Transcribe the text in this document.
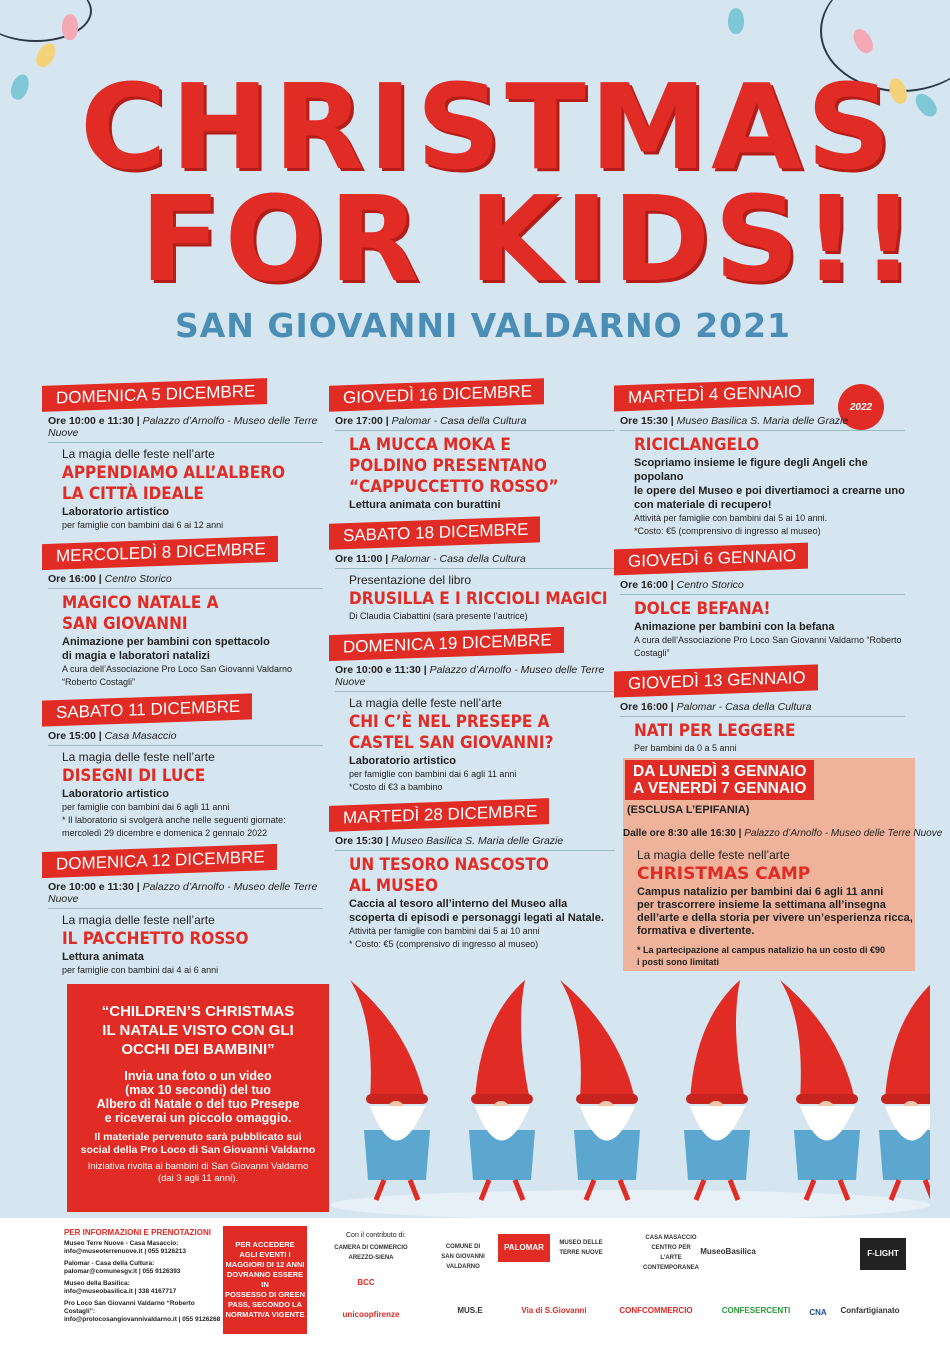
CHRISTMAS
FOR KIDS!!
SAN GIOVANNI VALDARNO 2021
2022
DOMENICA 5 DICEMBRE
Ore 10:00 e 11:30 | Palazzo d’Arnolfo - Museo delle Terre Nuove
La magia delle feste nell’arte
APPENDIAMO ALL’ALBERO
LA CITTÀ IDEALE
Laboratorio artistico
per famiglie con bambini dai 6 ai 12 anni
MERCOLEDÌ 8 DICEMBRE
Ore 16:00 | Centro Storico
MAGICO NATALE A
SAN GIOVANNI
Animazione per bambini con spettacolo
di magia e laboratori natalizi
A cura dell’Associazione Pro Loco San Giovanni Valdarno “Roberto Costagli”
SABATO 11 DICEMBRE
Ore 15:00 | Casa Masaccio
La magia delle feste nell’arte
DISEGNI DI LUCE
Laboratorio artistico
per famiglie con bambini dai 6 agli 11 anni
* Il laboratorio si svolgerà anche nelle seguenti giornate:
mercoledì 29 dicembre e domenica 2 gennaio 2022
DOMENICA 12 DICEMBRE
Ore 10:00 e 11:30 | Palazzo d’Arnolfo - Museo delle Terre Nuove
La magia delle feste nell’arte
IL PACCHETTO ROSSO
Lettura animata
per famiglie con bambini dai 4 ai 6 anni
GIOVEDÌ 16 DICEMBRE
Ore 17:00 | Palomar - Casa della Cultura
LA MUCCA MOKA E
POLDINO PRESENTANO
“CAPPUCCETTO ROSSO”
Lettura animata con burattini
SABATO 18 DICEMBRE
Ore 11:00 | Palomar - Casa della Cultura
Presentazione del libro
DRUSILLA E I RICCIOLI MAGICI
Di Claudia Ciabattini (sarà presente l’autrice)
DOMENICA 19 DICEMBRE
Ore 10:00 e 11:30 | Palazzo d’Arnolfo - Museo delle Terre Nuove
La magia delle feste nell’arte
CHI C’È NEL PRESEPE A
CASTEL SAN GIOVANNI?
Laboratorio artistico
per famiglie con bambini dai 6 agli 11 anni
*Costo di €3 a bambino
MARTEDÌ 28 DICEMBRE
Ore 15:30 | Museo Basilica S. Maria delle Grazie
UN TESORO NASCOSTO
AL MUSEO
Caccia al tesoro all’interno del Museo alla
scoperta di episodi e personaggi legati al Natale.
Attività per famiglie con bambini dai 5 ai 10 anni
* Costo: €5 (comprensivo di ingresso al museo)
MARTEDÌ 4 GENNAIO
Ore 15:30 | Museo Basilica S. Maria delle Grazie
RICICLANGELO
Scopriamo insieme le figure degli Angeli che popolano
le opere del Museo e poi divertiamoci a crearne uno
con materiale di recupero!
Attività per famiglie con bambini dai 5 ai 10 anni.
*Costo: €5 (comprensivo di ingresso al museo)
GIOVEDÌ 6 GENNAIO
Ore 16:00 | Centro Storico
DOLCE BEFANA!
Animazione per bambini con la befana
A cura dell’Associazione Pro Loco San Giovanni Valdarno “Roberto Costagli”
GIOVEDÌ 13 GENNAIO
Ore 16:00 | Palomar - Casa della Cultura
NATI PER LEGGERE
Per bambini da 0 a 5 anni
DA LUNEDÌ 3 GENNAIO
A VENERDÌ 7 GENNAIO
(ESCLUSA L’EPIFANIA)
Dalle ore 8:30 alle 16:30 | Palazzo d’Arnolfo - Museo delle Terre Nuove
La magia delle feste nell’arte
CHRISTMAS CAMP
Campus natalizio per bambini dai 6 agli 11 anni
per trascorrere insieme la settimana all’insegna
dell’arte e della storia per vivere un’esperienza ricca,
formativa e divertente.
* La partecipazione al campus natalizio ha un costo di €90
i posti sono limitati
“CHILDREN’S CHRISTMAS
IL NATALE VISTO CON GLI
OCCHI DEI BAMBINI”
Invia una foto o un video
(max 10 secondi) del tuo
Albero di Natale o del tuo Presepe
e riceverai un piccolo omaggio.
Il materiale pervenuto sarà pubblicato sui
social della Pro Loco di San Giovanni Valdarno
Iniziativa rivolta ai bambini di San Giovanni Valdarno
(dai 3 agli 11 anni).
PER INFORMAZIONI E PRENOTAZIONI
Museo Terre Nuove - Casa Masaccio:
info@museoterrenuove.it | 055 9126213
Palomar - Casa della Cultura:
palomar@comunesgv.it | 055 9126393
Museo della Basilica:
info@museobasilica.it | 338 4167717
Pro Loco San Giovanni Valdarno “Roberto Costagli”:
info@prolocosangiovannivaldarno.it | 055 9126268
PER ACCEDERE
AGLI EVENTI I
MAGGIORI DI 12 ANNI
DOVRANNO ESSERE IN
POSSESSO DI GREEN
PASS, SECONDO LA
NORMATIVA VIGENTE
Con il contributo di:
CAMERA DI COMMERCIO
AREZZO-SIENA
BCC
unicoopfirenze
COMUNE DI
SAN GIOVANNI
VALDARNO
PALOMAR	MUSEO DELLE
TERRE NUOVE
CASA MASACCIO
CENTRO PER
L’ARTE
CONTEMPORANEA
MuseoBasilica	F-LIGHT
MUS.E	Via di S.Giovanni	CONFCOMMERCIO	CONFESERCENTI	CNA	Confartigianato
